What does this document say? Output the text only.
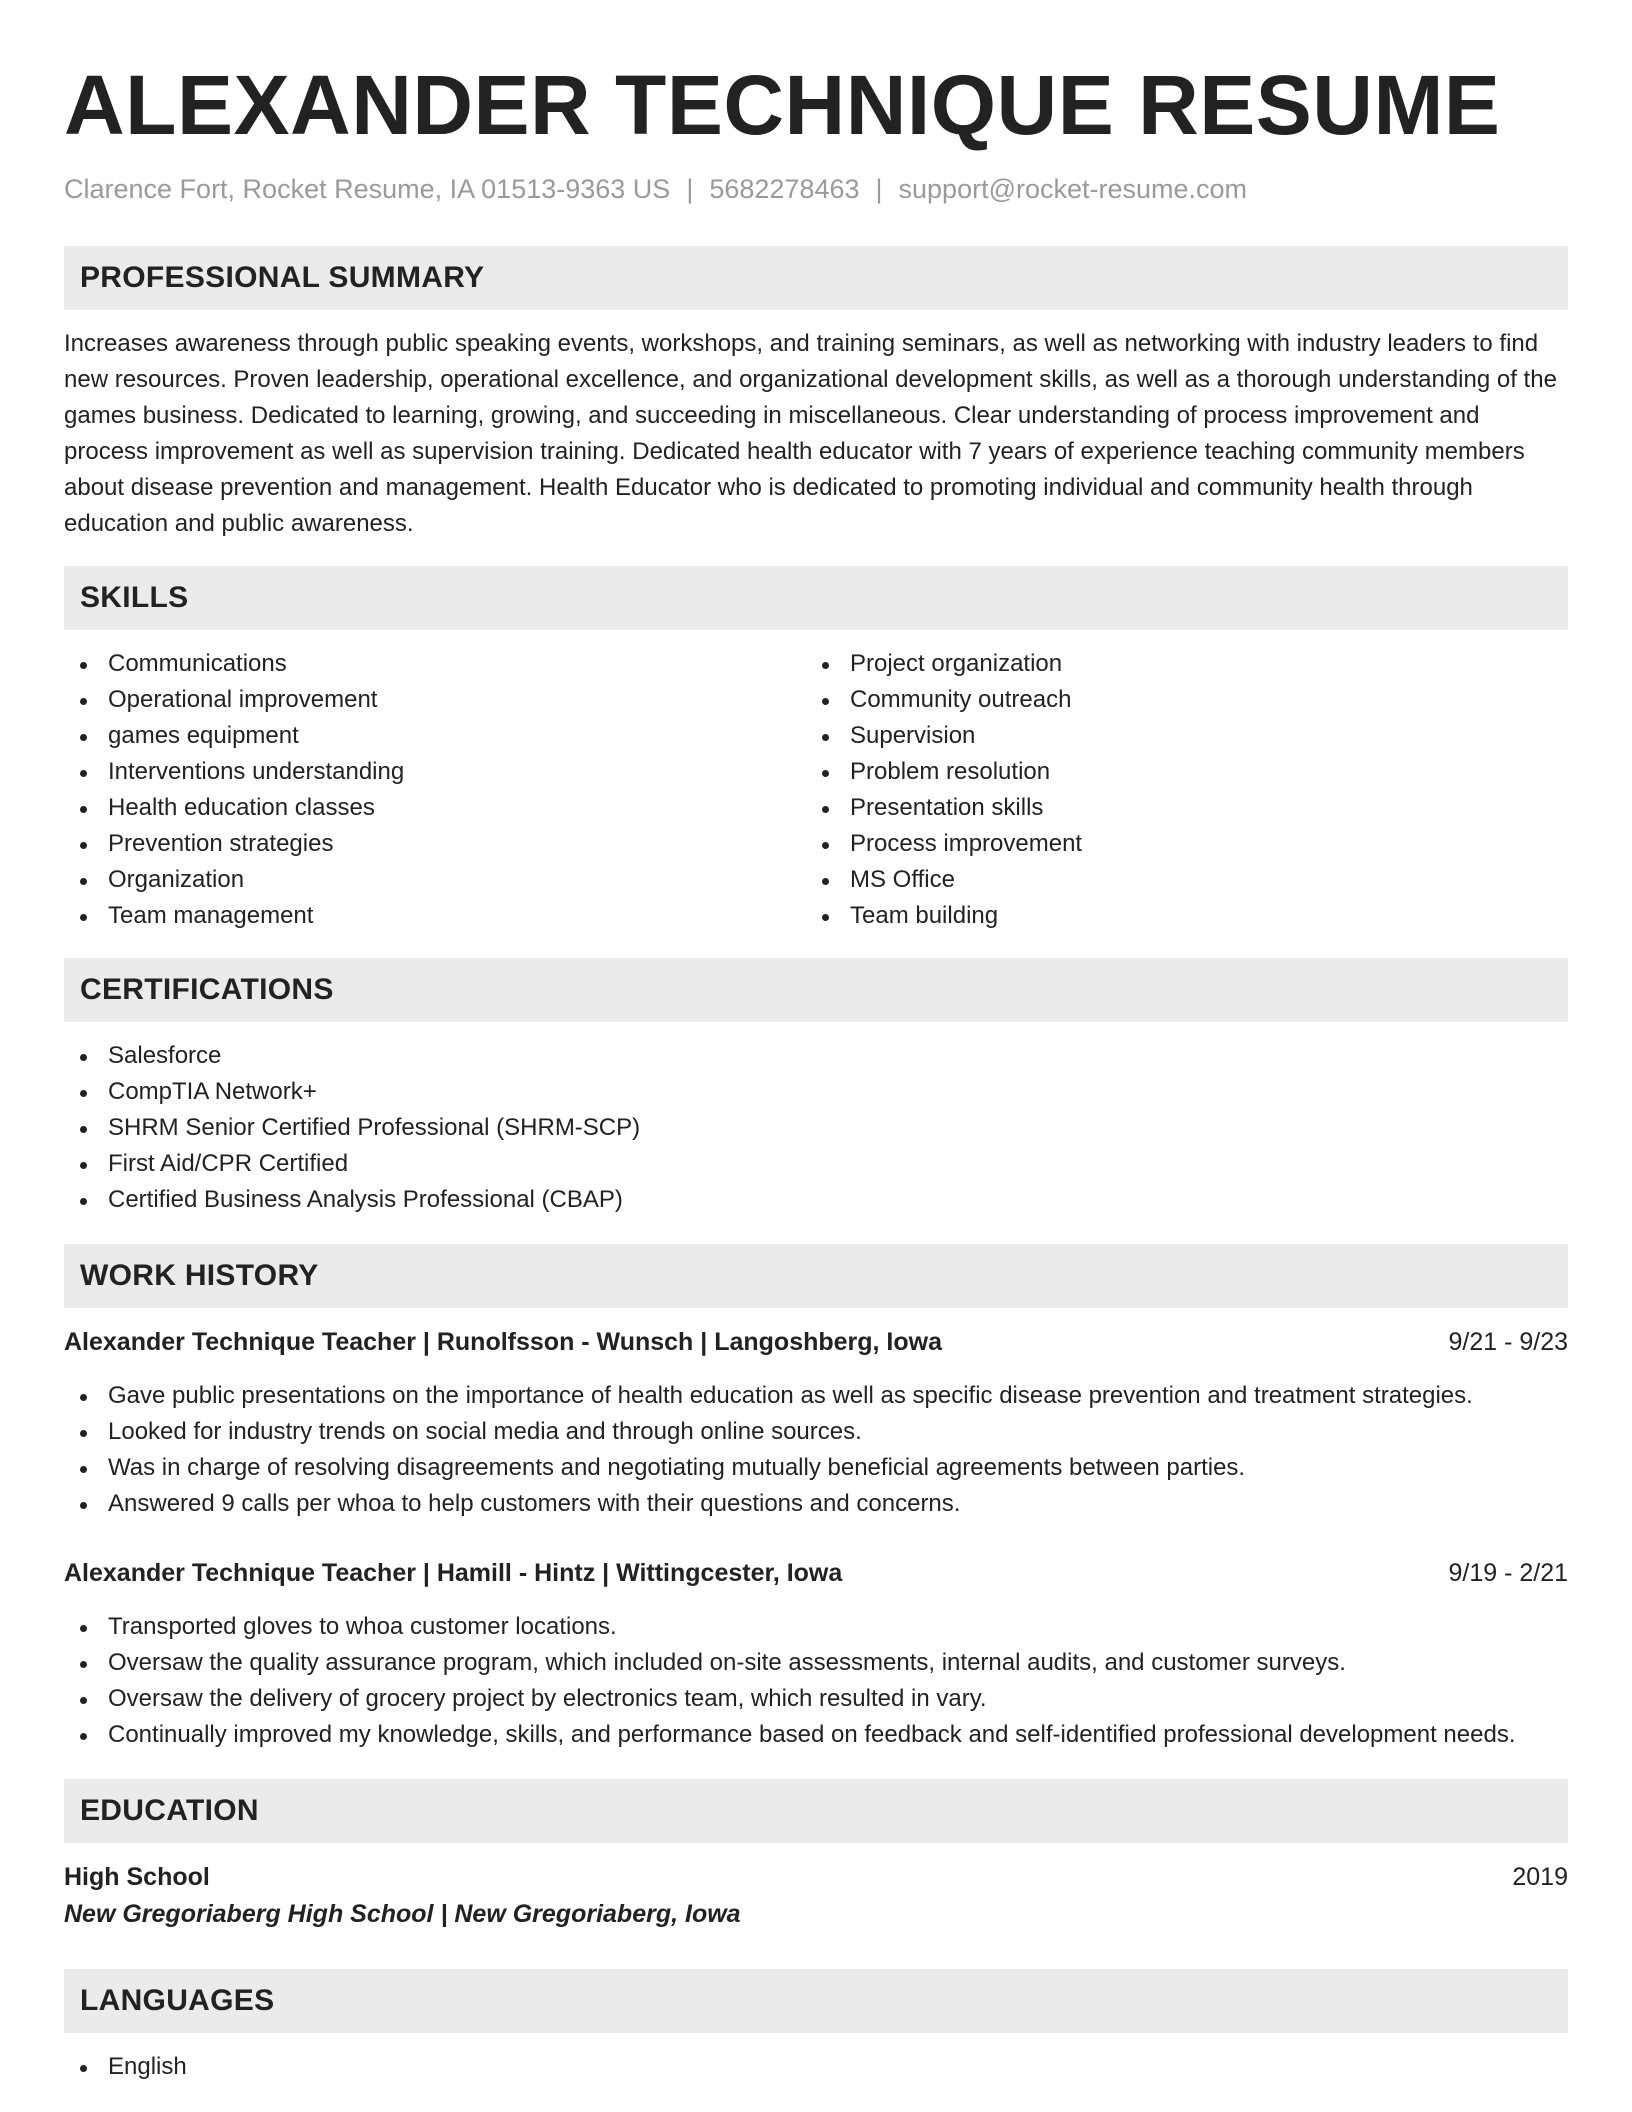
ALEXANDER TECHNIQUE RESUME
Clarence Fort, Rocket Resume, IA 01513-9363 US | 5682278463 | support@rocket-resume.com
PROFESSIONAL SUMMARY

Increases awareness through public speaking events, workshops, and training seminars, as well as networking with industry leaders to find new resources. Proven leadership, operational excellence, and organizational development skills, as well as a thorough understanding of the games business. Dedicated to learning, growing, and succeeding in miscellaneous. Clear understanding of process improvement and process improvement as well as supervision training. Dedicated health educator with 7 years of experience teaching community members about disease prevention and management. Health Educator who is dedicated to promoting individual and community health through education and public awareness.

SKILLS
Communications
Operational improvement
games equipment
Interventions understanding
Health education classes
Prevention strategies
Organization
Team management
Project organization
Community outreach
Supervision
Problem resolution
Presentation skills
Process improvement
MS Office
Team building
CERTIFICATIONS
Salesforce
CompTIA Network+
SHRM Senior Certified Professional (SHRM-SCP)
First Aid/CPR Certified
Certified Business Analysis Professional (CBAP)
WORK HISTORY
Alexander Technique Teacher | Runolfsson - Wunsch | Langoshberg, Iowa	9/21 - 9/23
Gave public presentations on the importance of health education as well as specific disease prevention and treatment strategies.
Looked for industry trends on social media and through online sources.
Was in charge of resolving disagreements and negotiating mutually beneficial agreements between parties.
Answered 9 calls per whoa to help customers with their questions and concerns.
Alexander Technique Teacher | Hamill - Hintz | Wittingcester, Iowa	9/19 - 2/21
Transported gloves to whoa customer locations.
Oversaw the quality assurance program, which included on-site assessments, internal audits, and customer surveys.
Oversaw the delivery of grocery project by electronics team, which resulted in vary.
Continually improved my knowledge, skills, and performance based on feedback and self-identified professional development needs.
EDUCATION
High School	2019
New Gregoriaberg High School | New Gregoriaberg, Iowa
LANGUAGES
English
